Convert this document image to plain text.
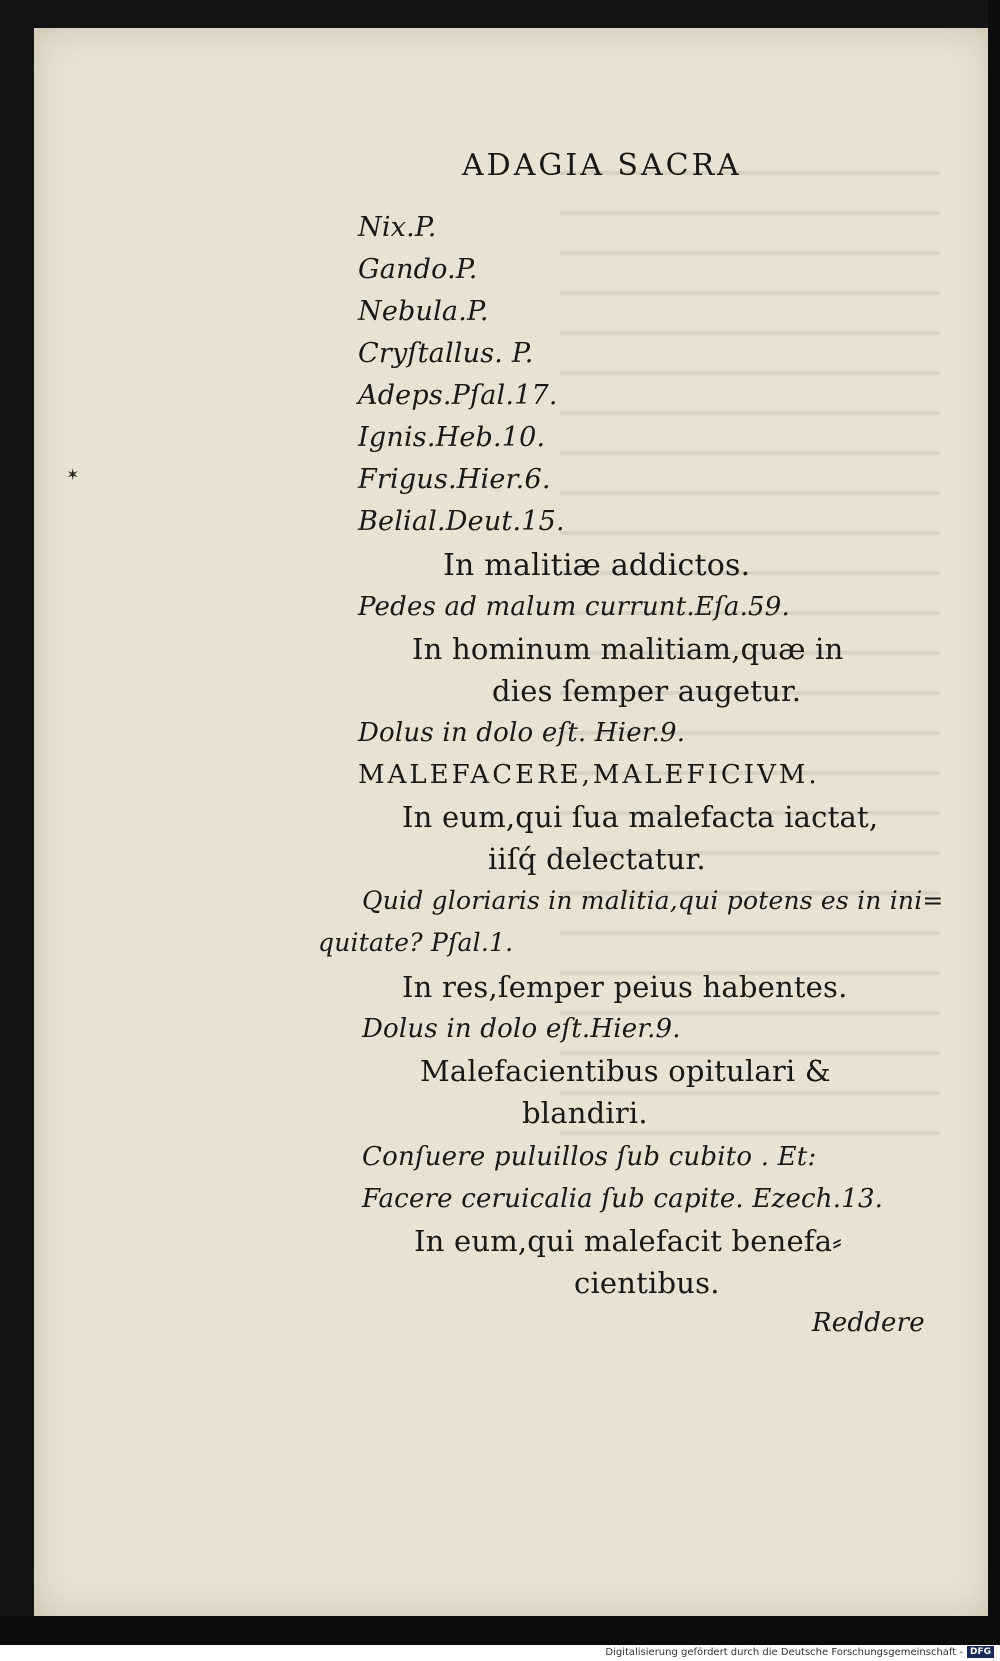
ADAGIA SACRA
✶
Nix.P.
Gando.P.
Nebula.P.
Cryſtallus. P.
Adeps.Pſal.17.
Ignis.Heb.10.
Frigus.Hier.6.
Belial.Deut.15.
In malitiæ addictos.
Pedes ad malum currunt.Eſa.59.
In hominum malitiam,quæ in
dies ſemper augetur.
Dolus in dolo eſt. Hier.9.
MALEFACERE,MALEFICIVM.
In eum,qui ſua malefacta iactat,
iiſq́ delectatur.
Quid gloriaris in malitia,qui potens es in ini=
quitate? Pſal.1.
In res,ſemper peius habentes.
Dolus in dolo eſt.Hier.9.
Malefacientibus opitulari &
blandiri.
Conſuere puluillos ſub cubito . Et:
Facere ceruicalia ſub capite. Ezech.13.
In eum,qui malefacit benefa⸗
cientibus.
Reddere
Digitalisierung gefördert durch die Deutsche Forschungsgemeinschaft - DFG
